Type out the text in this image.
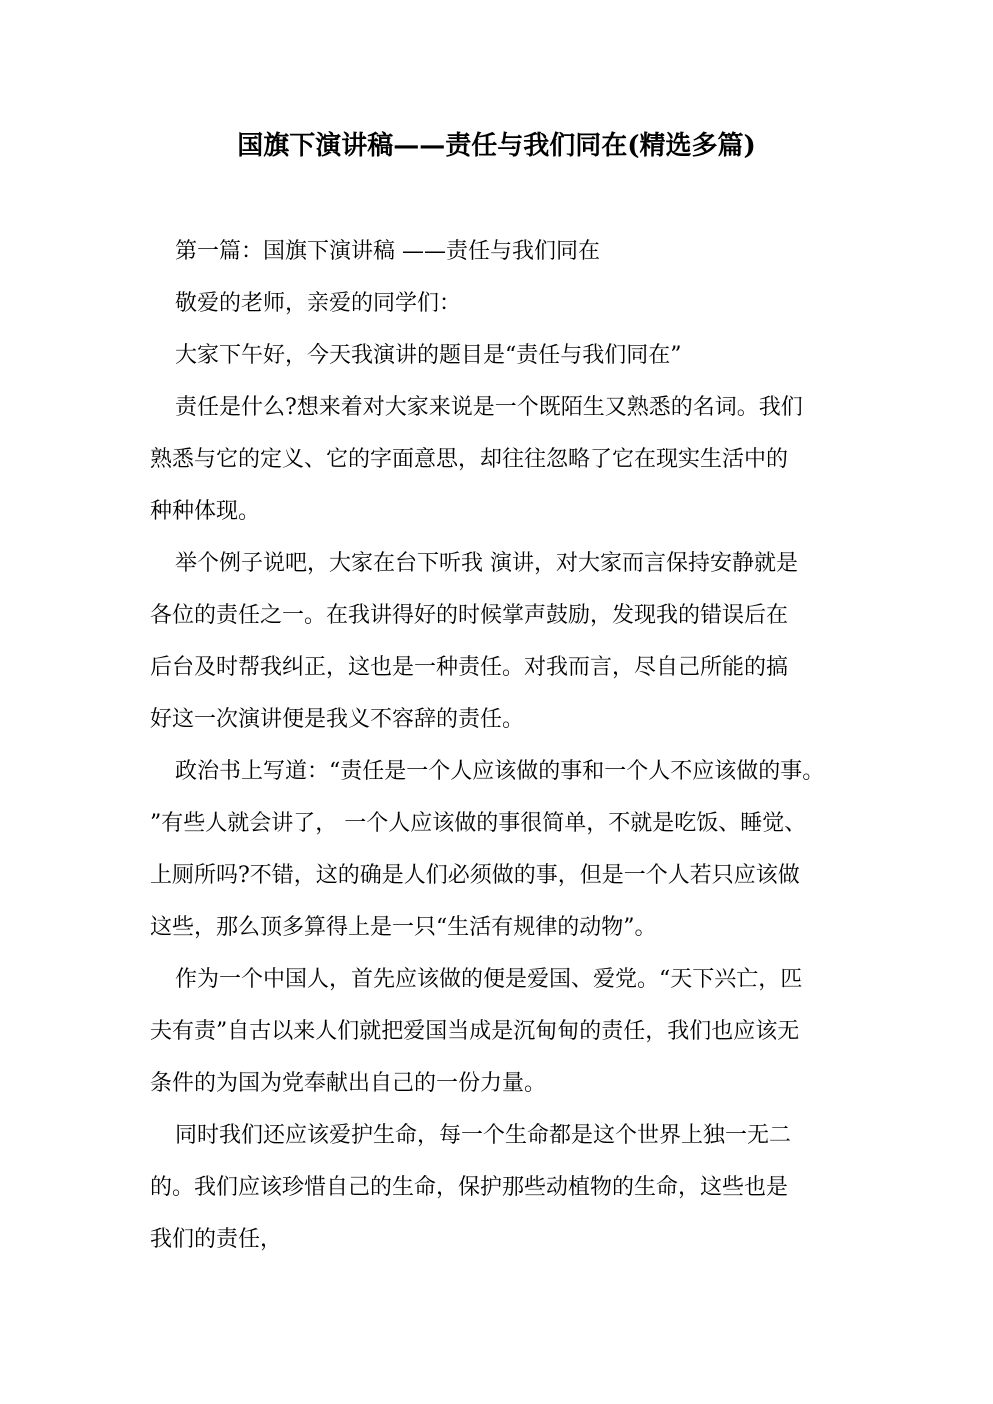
国旗下演讲稿——责任与我们同在(精选多篇)
第一篇：国旗下演讲稿 ——责任与我们同在
敬爱的老师，亲爱的同学们：
大家下午好，今天我演讲的题目是“责任与我们同在”
责任是什么?想来着对大家来说是一个既陌生又熟悉的名词。我们
熟悉与它的定义、它的字面意思，却往往忽略了它在现实生活中的
种种体现。
举个例子说吧，大家在台下听我 演讲，对大家而言保持安静就是
各位的责任之一。在我讲得好的时候掌声鼓励，发现我的错误后在
后台及时帮我纠正，这也是一种责任。对我而言，尽自己所能的搞
好这一次演讲便是我义不容辞的责任。
政治书上写道：“责任是一个人应该做的事和一个人不应该做的事。
”有些人就会讲了， 一个人应该做的事很简单，不就是吃饭、睡觉、
上厕所吗?不错，这的确是人们必须做的事，但是一个人若只应该做
这些，那么顶多算得上是一只“生活有规律的动物”。
作为一个中国人，首先应该做的便是爱国、爱党。“天下兴亡，匹
夫有责”自古以来人们就把爱国当成是沉甸甸的责任，我们也应该无
条件的为国为党奉献出自己的一份力量。
同时我们还应该爱护生命，每一个生命都是这个世界上独一无二
的。我们应该珍惜自己的生命，保护那些动植物的生命，这些也是
我们的责任，
